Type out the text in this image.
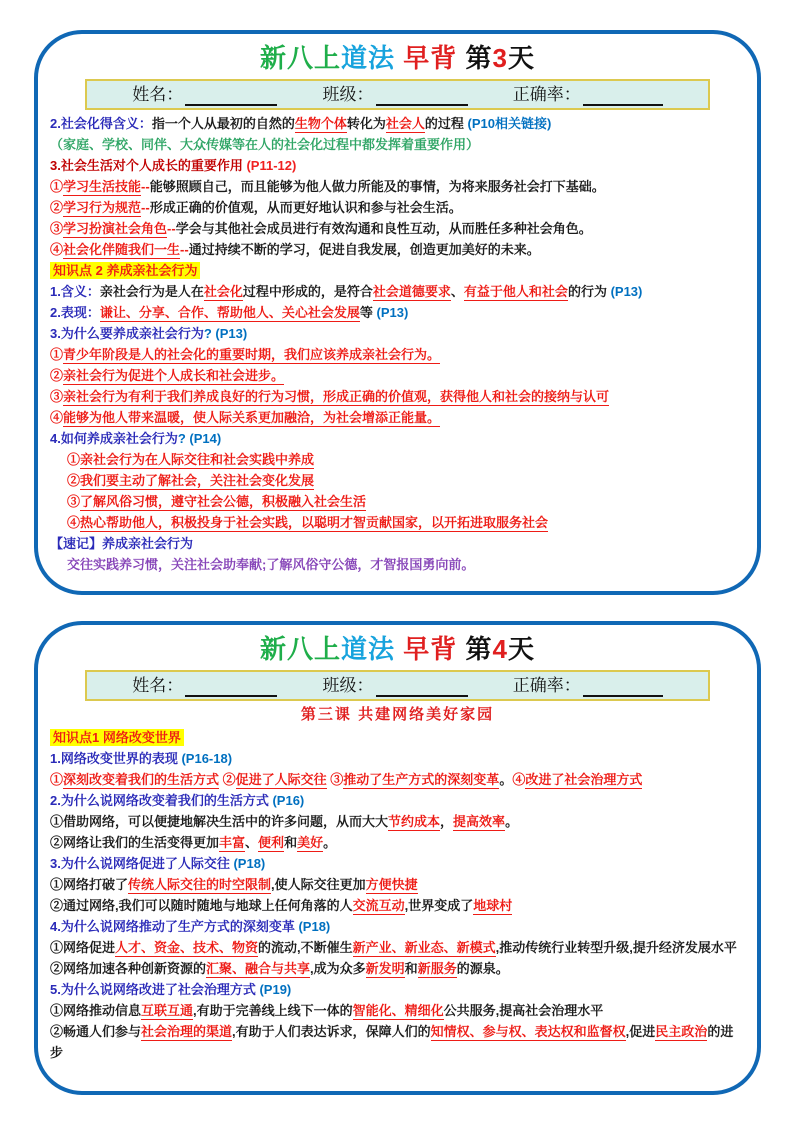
新八上道法 早背 第3天
姓名：	班级：	正确率：
2.社会化得含义：指一个人从最初的自然的生物个体转化为社会人的过程 (P10相关链接)
（家庭、学校、同伴、大众传媒等在人的社会化过程中都发挥着重要作用）
3.社会生活对个人成长的重要作用 (P11-12)
①学习生活技能--能够照顾自己，而且能够为他人做力所能及的事情，为将来服务社会打下基础。
②学习行为规范--形成正确的价值观，从而更好地认识和参与社会生活。
③学习扮演社会角色--学会与其他社会成员进行有效沟通和良性互动，从而胜任多种社会角色。
④社会化伴随我们一生--通过持续不断的学习，促进自我发展，创造更加美好的未来。
知识点 2 养成亲社会行为
1.含义：亲社会行为是人在社会化过程中形成的，是符合社会道德要求、有益于他人和社会的行为 (P13)
2.表现：谦让、分享、合作、帮助他人、关心社会发展等 (P13)
3.为什么要养成亲社会行为? (P13)
①青少年阶段是人的社会化的重要时期，我们应该养成亲社会行为。
②亲社会行为促进个人成长和社会进步。
③亲社会行为有利于我们养成良好的行为习惯，形成正确的价值观，获得他人和社会的接纳与认可
④能够为他人带来温暖，使人际关系更加融洽，为社会增添正能量。
4.如何养成亲社会行为? (P14)
①亲社会行为在人际交往和社会实践中养成
②我们要主动了解社会，关注社会变化发展
③了解风俗习惯，遵守社会公德，积极融入社会生活
④热心帮助他人，积极投身于社会实践，以聪明才智贡献国家，以开拓进取服务社会
【速记】养成亲社会行为
交往实践养习惯，关注社会助奉献;了解风俗守公德，才智报国勇向前。
新八上道法 早背 第4天
姓名：	班级：	正确率：
第三课 共建网络美好家园
知识点1 网络改变世界
1.网络改变世界的表现 (P16-18)
①深刻改变着我们的生活方式 ②促进了人际交往 ③推动了生产方式的深刻变革。④改进了社会治理方式
2.为什么说网络改变着我们的生活方式 (P16)
①借助网络，可以便捷地解决生活中的许多问题，从而大大节约成本，提高效率。
②网络让我们的生活变得更加丰富、便利和美好。
3.为什么说网络促进了人际交往 (P18)
①网络打破了传统人际交往的时空限制,使人际交往更加方便快捷
②通过网络,我们可以随时随地与地球上任何角落的人交流互动,世界变成了地球村
4.为什么说网络推动了生产方式的深刻变革 (P18)
①网络促进人才、资金、技术、物资的流动,不断催生新产业、新业态、新模式,推动传统行业转型升级,提升经济发展水平
②网络加速各种创新资源的汇聚、融合与共享,成为众多新发明和新服务的源泉。
5.为什么说网络改进了社会治理方式 (P19)
①网络推动信息互联互通,有助于完善线上线下一体的智能化、精细化公共服务,提高社会治理水平
②畅通人们参与社会治理的渠道,有助于人们表达诉求，保障人们的知情权、参与权、表达权和监督权,促进民主政治的进步
